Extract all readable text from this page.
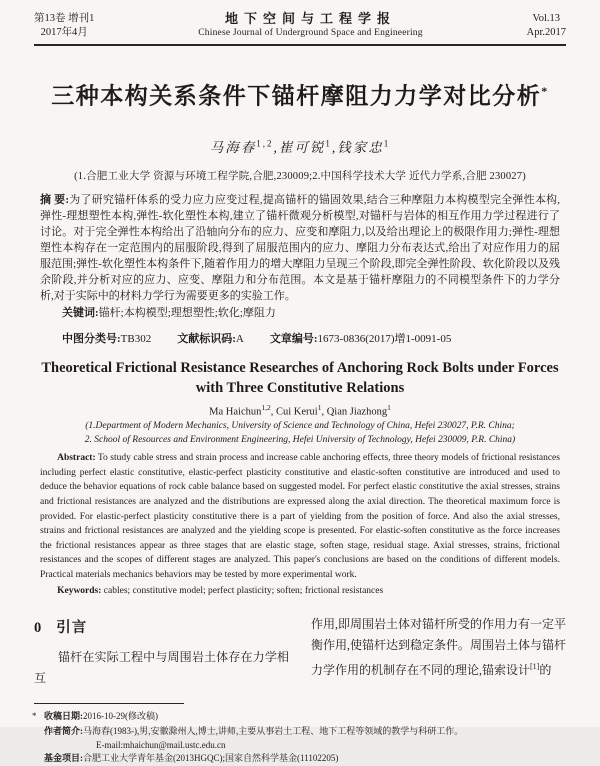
第13卷 增刊1
2017年4月
地下空间与工程学报
Chinese Journal of Underground Space and Engineering
Vol.13
Apr.2017
三种本构关系条件下锚杆摩阻力力学对比分析*

马海春$^{1,2}$,崔可锐$^1$,钱家忠$^1$

(1.合肥工业大学 资源与环境工程学院,合肥,230009;2.中国科学技术大学 近代力学系,合肥 230027)

摘 要:为了研究锚杆体系的受力应力应变过程,提高锚杆的锚固效果,结合三种摩阻力本构模型完全弹性本构,弹性-理想塑性本构,弹性-软化塑性本构,建立了锚杆微观分析模型,对锚杆与岩体的相互作用力学过程进行了讨论。对于完全弹性本构给出了沿轴向分布的应力、应变和摩阻力,以及给出理论上的极限作用力;弹性-理想塑性本构存在一定范围内的屈服阶段,得到了屈服范围内的应力、摩阻力分布表达式,给出了对应作用力的屈服范围;弹性-软化塑性本构条件下,随着作用力的增大摩阻力呈现三个阶段,即完全弹性阶段、软化阶段以及残余阶段,并分析对应的应力、应变、摩阻力和分布范围。本文是基于锚杆摩阻力的不同模型条件下的力学分析,对于实际中的材料力学行为需要更多的实验工作。
关键词:锚杆;本构模型;理想塑性;软化;摩阻力
中图分类号:TB302 文献标识码:A 文章编号:1673-0836(2017)增1-0091-05
Theoretical Frictional Resistance Researches of Anchoring Rock Bolts under Forces with Three Constitutive Relations

Ma Haichun$^{1,2}$, Cui Kerui$^1$, Qian Jiazhong$^1$

(1.Department of Modern Mechanics, University of Science and Technology of China, Hefei 230027, P.R. China;
2. School of Resources and Environment Engineering, Hefei University of Technology, Hefei 230009, P.R. China)
Abstract: To study cable stress and strain process and increase cable anchoring effects, three theory models of frictional resistances including perfect elastic constitutive, elastic-perfect plasticity constitutive and elastic-soften constitutive are introduced and used to deduce the behavior equations of rock cable balance based on suggested model. For perfect elastic constitutive the axial stresses, strains and frictional resistances are analyzed and the distributions are expressed along the axial direction. The theoretical maximum force is provided. For elastic-perfect plasticity constitutive there is a part of yielding from the position of force. And also the axial stresses, strains and frictional resistances are analyzed and the yielding scope is presented. For elastic-soften constitutive as the force increases the frictional resistances appear as three stages that are elastic stage, soften stage, residual stage. Axial stresses, strains, frictional resistances and the scopes of different stages are analyzed. This paper's conclusions are based on the conditions of different models. Practical materials mechanics behaviors may be tested by more experimental work.
Keywords: cables; constitutive model; perfect plasticity; soften; frictional resistances
0 引言

锚杆在实际工程中与周围岩土体存在力学相互

* 收稿日期:2016-10-29(修改稿)

作用,即周围岩土体对锚杆所受的作用力有一定平衡作用,使锚杆达到稳定条件。周围岩土体与锚杆力学作用的机制存在不同的理论,锚索设计[1]的

作者简介:马海春(1983-),男,安徽滁州人,博士,讲师,主要从事岩土工程、地下工程等领域的教学与科研工作。
E-mail:mhaichun@mail.ustc.edu.cn
基金项目:合肥工业大学青年基金(2013HGQC);国家自然科学基金(11102205)
